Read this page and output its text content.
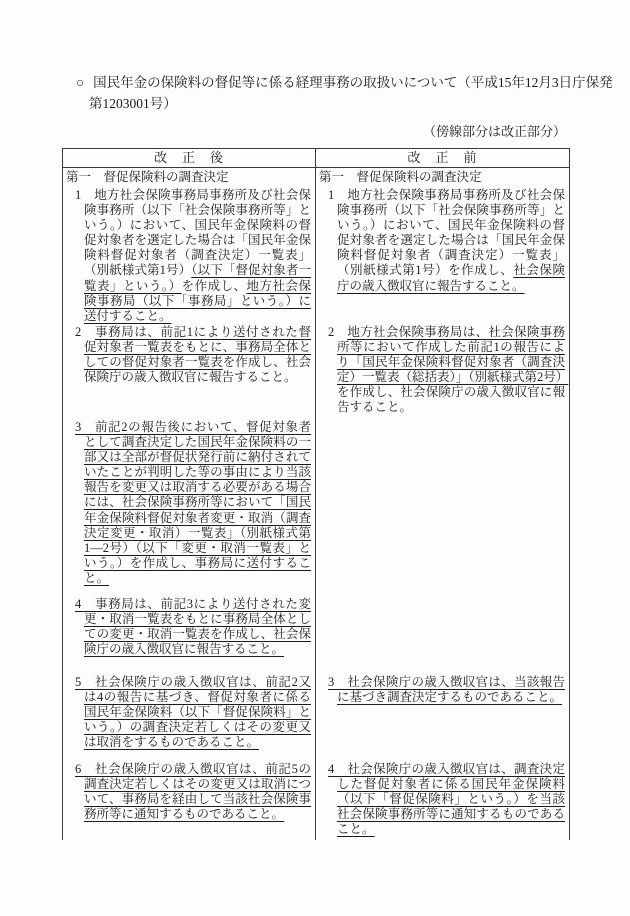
○ 国民年金の保険料の督促等に係る経理事務の取扱いについて（平成15年12月3日庁保発
第1203001号）
（傍線部分は改正部分）
改　正　後	改　正　前
第一　督促保険料の調査決定
1　地方社会保険事務局事務所及び社会保険事務所（以下「社会保険事務所等」という。）において、国民年金保険料の督促対象者を選定した場合は「国民年金保険料督促対象者（調査決定）一覧表」（別紙様式第1号）（以下「督促対象者一覧表」という。）を作成し、地方社会保険事務局（以下「事務局」という。）に送付すること。
2　事務局は、前記1により送付された督促対象者一覧表をもとに、事務局全体としての督促対象者一覧表を作成し、社会保険庁の歳入徴収官に報告すること。
3　前記2の報告後において、督促対象者として調査決定した国民年金保険料の一部又は全部が督促状発行前に納付されていたことが判明した等の事由により当該報告を変更又は取消する必要がある場合には、社会保険事務所等において「国民年金保険料督促対象者変更・取消（調査決定変更・取消）一覧表」（別紙様式第1―2号）（以下「変更・取消一覧表」という。）を作成し、事務局に送付すること。
4　事務局は、前記3により送付された変更・取消一覧表をもとに事務局全体としての変更・取消一覧表を作成し、社会保険庁の歳入徴収官に報告すること。
5　社会保険庁の歳入徴収官は、前記2又は4の報告に基づき、督促対象者に係る国民年金保険料（以下「督促保険料」という。）の調査決定若しくはその変更又は取消をするものであること。
6　社会保険庁の歳入徴収官は、前記5の調査決定若しくはその変更又は取消について、事務局を経由して当該社会保険事務所等に通知するものであること。
第一　督促保険料の調査決定
1　地方社会保険事務局事務所及び社会保険事務所（以下「社会保険事務所等」という。）において、国民年金保険料の督促対象者を選定した場合は「国民年金保険料督促対象者（調査決定）一覧表」（別紙様式第1号）を作成し、社会保険庁の歳入徴収官に報告すること。
2　地方社会保険事務局は、社会保険事務所等において作成した前記1の報告により「国民年金保険料督促対象者（調査決定）一覧表（総括表）」（別紙様式第2号）を作成し、社会保険庁の歳入徴収官に報告すること。
3　社会保険庁の歳入徴収官は、当該報告に基づき調査決定するものであること。
4　社会保険庁の歳入徴収官は、調査決定した督促対象者に係る国民年金保険料（以下「督促保険料」という。）を当該社会保険事務所等に通知するものであること。
